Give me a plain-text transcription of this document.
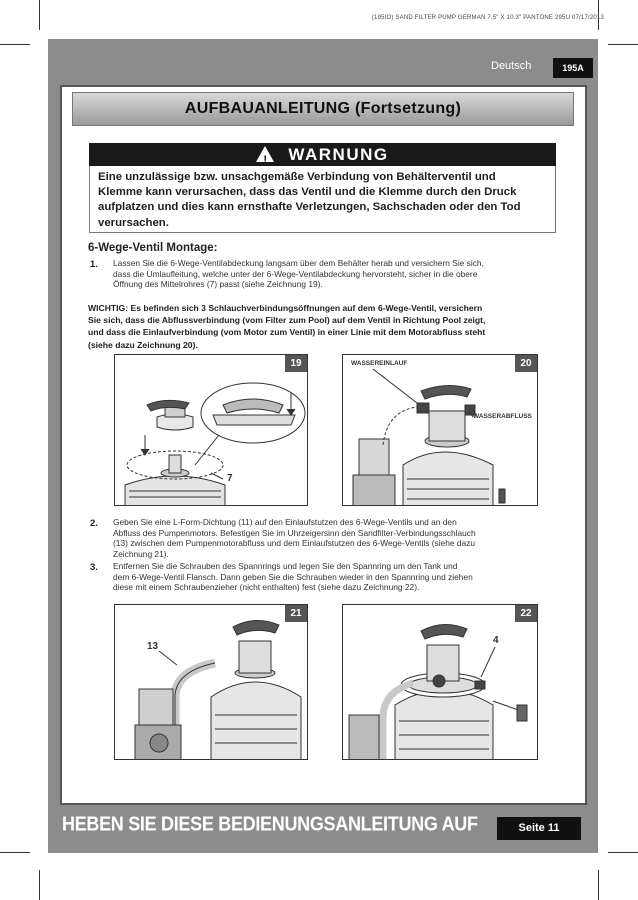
(195IO) SAND FILTER PUMP GERMAN 7.5" X 10.3" PANTONE 295U 07/17/2013
Deutsch	195A
AUFBAUANLEITUNG (Fortsetzung)
! WARNUNG
Eine unzulässige bzw. unsachgemäße Verbindung von Behälterventil und
Klemme kann verursachen, dass das Ventil und die Klemme durch den Druck
aufplatzen und dies kann ernsthafte Verletzungen, Sachschaden oder den Tod
verursachen.
6-Wege-Ventil Montage:
1. Lassen Sie die 6-Wege-Ventilabdeckung langsam über dem Behälter herab und versichern Sie sich,
dass die Umlaufleitung, welche unter der 6-Wege-Ventilabdeckung hervorsteht, sicher in die obere
Öffnung des Mittelrohres (7) passt (siehe Zeichnung 19).
WICHTIG: Es befinden sich 3 Schlauchverbindungsöffnungen auf dem 6-Wege-Ventil, versichern
Sie sich, dass die Abflussverbindung (vom Filter zum Pool) auf dem Ventil in Richtung Pool zeigt,
und dass die Einlaufverbindung (vom Motor zum Ventil) in einer Linie mit dem Motorabfluss steht
(siehe dazu Zeichnung 20).
19
7
20
WASSEREINLAUF
WASSERABFLUSS
2. Geben Sie eine L-Form-Dichtung (11) auf den Einlaufstutzen des 6-Wege-Ventils und an den
Abfluss des Pumpenmotors. Befestigen Sie im Uhrzeigersinn den Sandfilter-Verbindungsschlauch
(13) zwischen dem Pumpenmotorabfluss und dem Einlaufstutzen des 6-Wege-Ventils (siehe dazu
Zeichnung 21).
3. Entfernen Sie die Schrauben des Spannrings und legen Sie den Spannring um den Tank und
dem 6-Wege-Ventil Flansch. Dann geben Sie die Schrauben wieder in den Spannring und ziehen
diese mit einem Schraubenzieher (nicht enthalten) fest (siehe dazu Zeichnung 22).
21
13
22
4
HEBEN SIE DIESE BEDIENUNGSANLEITUNG AUF	Seite 11
